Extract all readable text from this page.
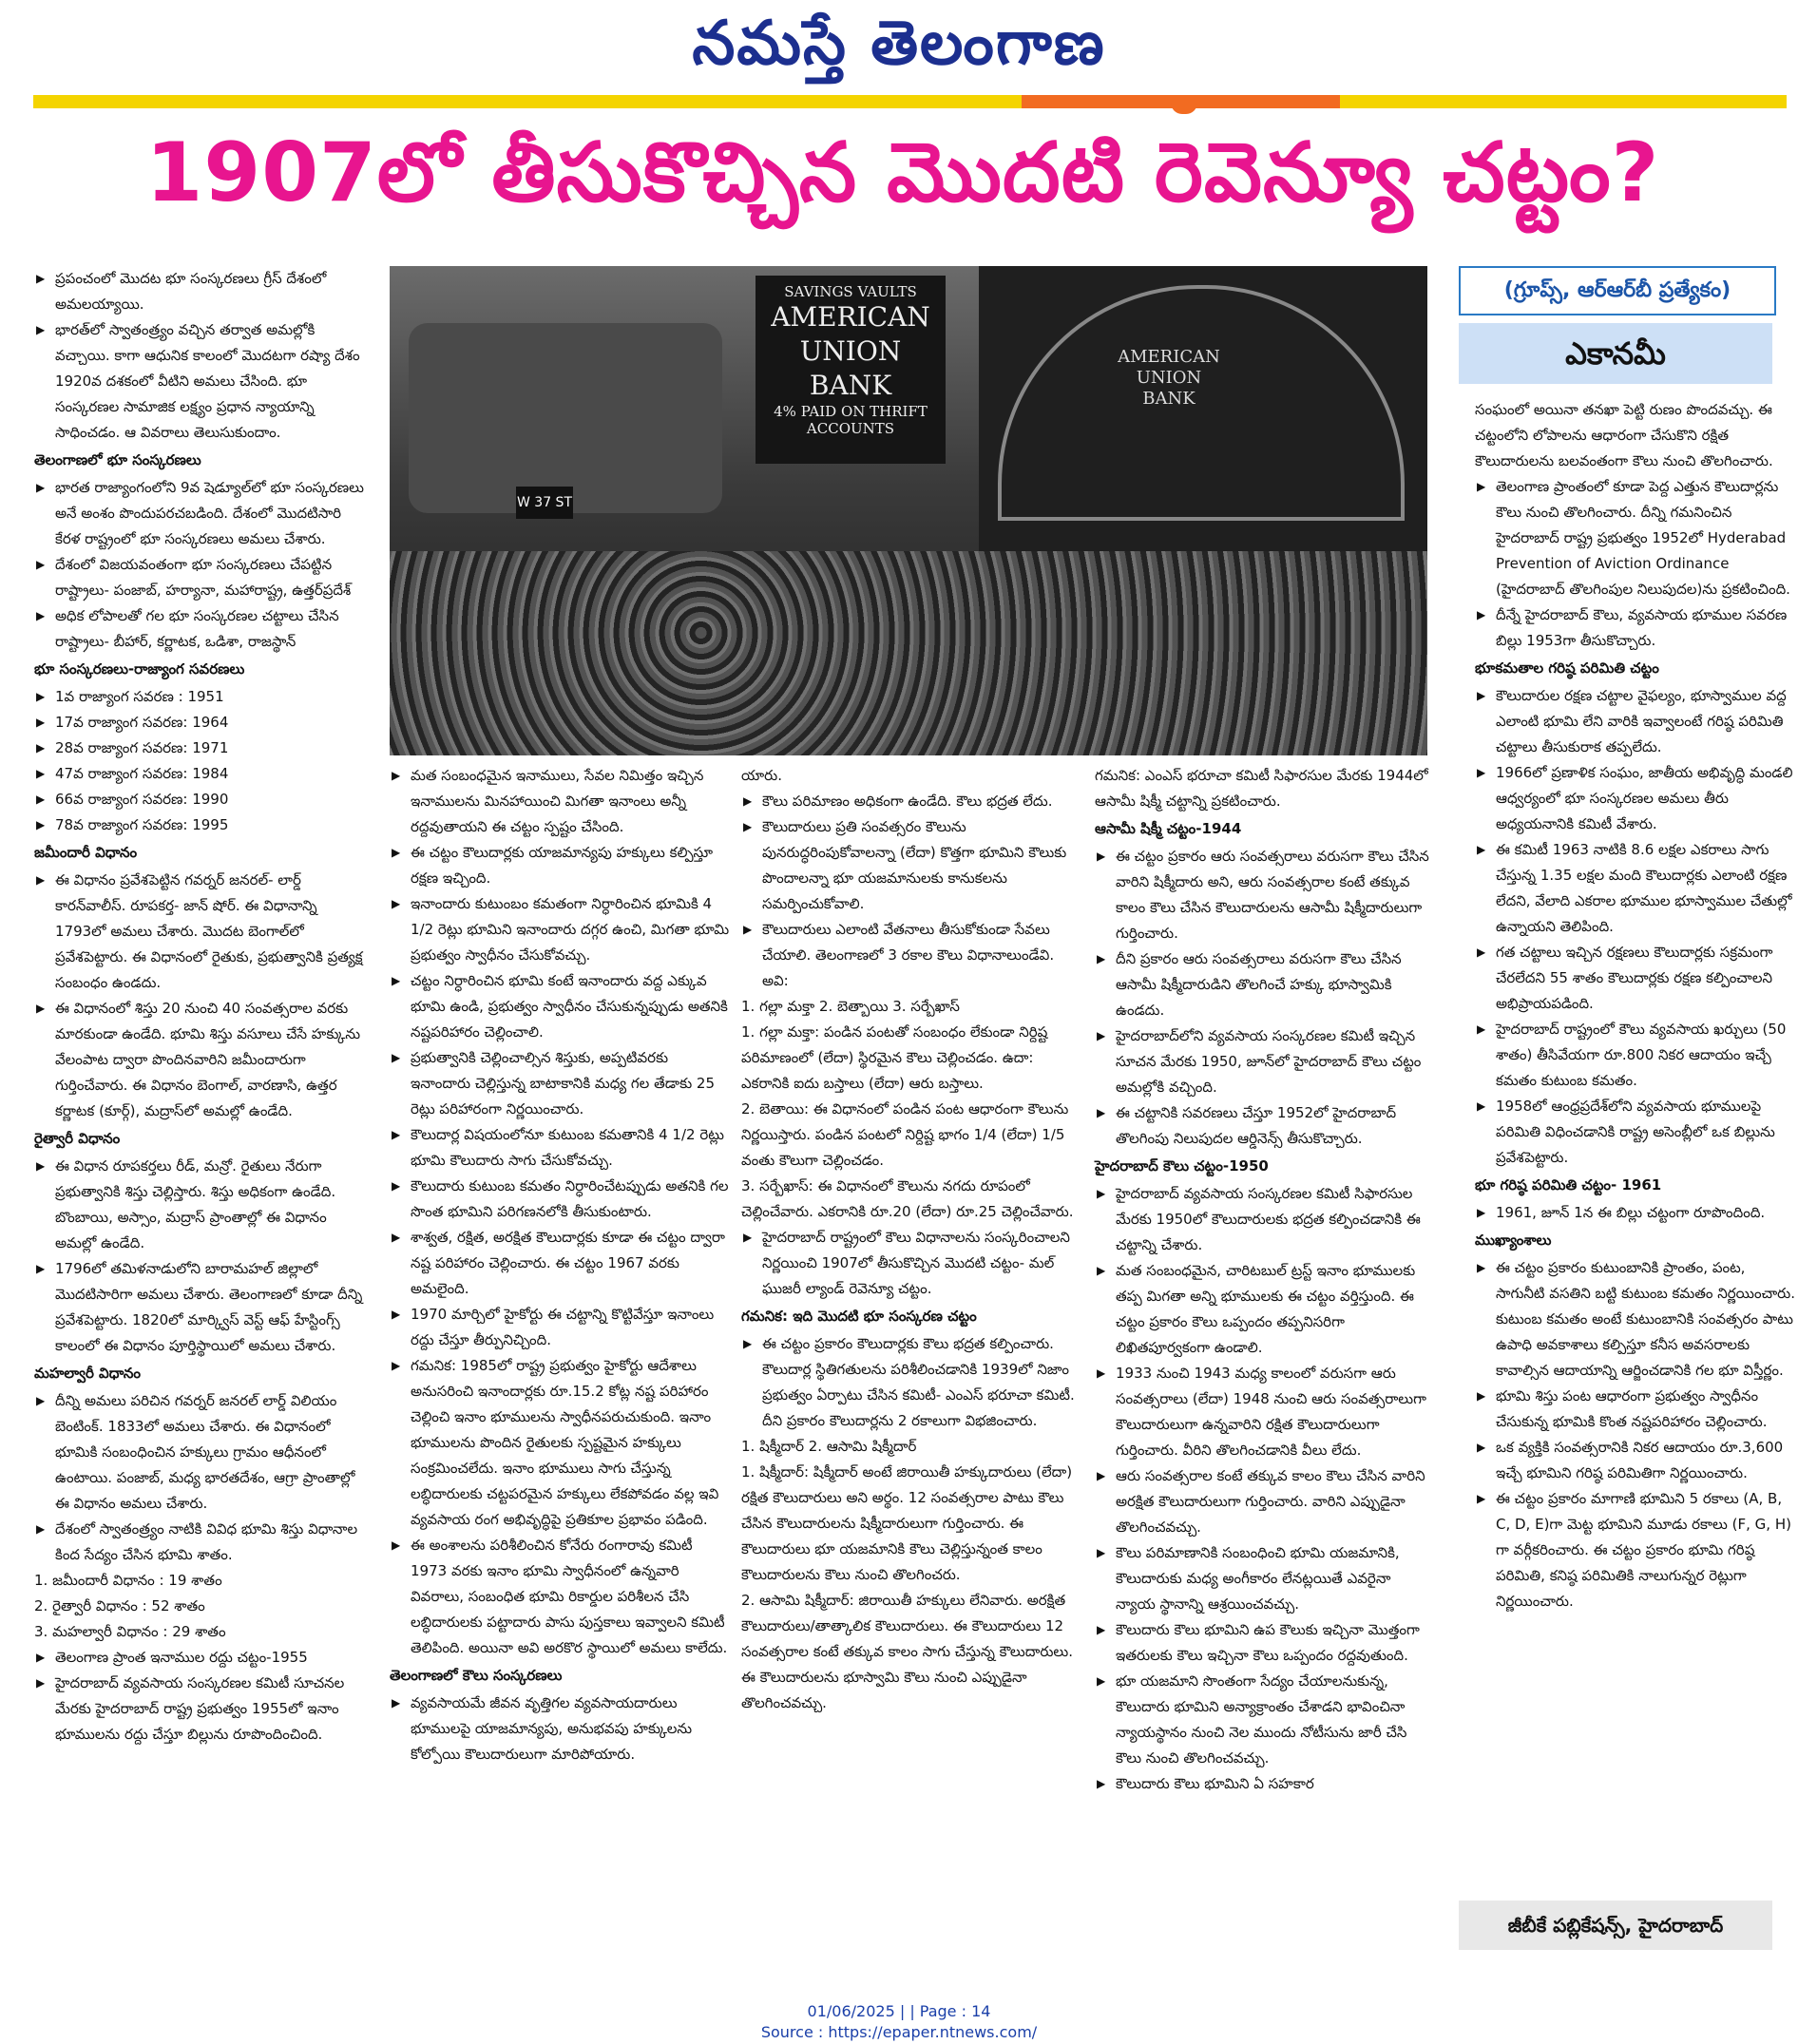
నమస్తే తెలంగాణ
1907లో తీసుకొచ్చిన మొదటి రెవెన్యూ చట్టం?
SAVINGS VAULTS
AMERICAN
UNION
BANK
4% PAID ON THRIFT ACCOUNTS
AMERICAN
UNION
BANK
W 37 ST
(గ్రూప్స్, ఆర్ఆర్‌బీ ప్రత్యేకం)
ఎకానమీ
▶ ప్రపంచంలో మొదట భూ సంస్కరణలు గ్రీస్ దేశంలో అమలయ్యాయి.
▶ భారత్‌లో స్వాతంత్ర్యం వచ్చిన తర్వాత అమల్లోకి వచ్చాయి. కాగా ఆధునిక కాలంలో మొదటగా రష్యా దేశం 1920వ దశకంలో వీటిని అమలు చేసింది. భూ సంస్కరణల సామాజిక లక్ష్యం ప్రధాన న్యాయాన్ని సాధించడం. ఆ వివరాలు తెలుసుకుందాం.
తెలంగాణలో భూ సంస్కరణలు
▶ భారత రాజ్యాంగంలోని 9వ షెడ్యూల్‌లో భూ సంస్కరణలు అనే అంశం పొందుపరచబడింది. దేశంలో మొదటిసారి కేరళ రాష్ట్రంలో భూ సంస్కరణలు అమలు చేశారు.
▶ దేశంలో విజయవంతంగా భూ సంస్కరణలు చేపట్టిన రాష్ట్రాలు- పంజాబ్, హర్యానా, మహారాష్ట్ర, ఉత్తర్‌ప్రదేశ్
▶ అధిక లోపాలతో గల భూ సంస్కరణల చట్టాలు చేసిన రాష్ట్రాలు- బీహార్, కర్ణాటక, ఒడిశా, రాజస్థాన్
భూ సంస్కరణలు-రాజ్యాంగ సవరణలు
▶ 1వ రాజ్యాంగ సవరణ : 1951
▶ 17వ రాజ్యాంగ సవరణ: 1964
▶ 28వ రాజ్యాంగ సవరణ: 1971
▶ 47వ రాజ్యాంగ సవరణ: 1984
▶ 66వ రాజ్యాంగ సవరణ: 1990
▶ 78వ రాజ్యాంగ సవరణ: 1995
జమీందారీ విధానం
▶ ఈ విధానం ప్రవేశపెట్టిన గవర్నర్ జనరల్- లార్డ్ కారన్‌వాలీస్. రూపకర్త- జాన్ షోర్. ఈ విధానాన్ని 1793లో అమలు చేశారు. మొదట బెంగాల్‌లో ప్రవేశపెట్టారు. ఈ విధానంలో రైతుకు, ప్రభుత్వానికి ప్రత్యక్ష సంబంధం ఉండదు.
▶ ఈ విధానంలో శిస్తు 20 నుంచి 40 సంవత్సరాల వరకు మారకుండా ఉండేది. భూమి శిస్తు వసూలు చేసే హక్కును వేలంపాట ద్వారా పొందినవారిని జమీందారుగా గుర్తించేవారు. ఈ విధానం బెంగాల్, వారణాసి, ఉత్తర కర్ణాటక (కూర్గ్), మద్రాస్‌లో అమల్లో ఉండేది.
రైత్వారీ విధానం
▶ ఈ విధాన రూపకర్తలు రీడ్, మన్రో. రైతులు నేరుగా ప్రభుత్వానికి శిస్తు చెల్లిస్తారు. శిస్తు అధికంగా ఉండేది. బొంబాయి, అస్సాం, మద్రాస్ ప్రాంతాల్లో ఈ విధానం అమల్లో ఉండేది.
▶ 1796లో తమిళనాడులోని బారామహల్ జిల్లాలో మొదటిసారిగా అమలు చేశారు. తెలంగాణలో కూడా దీన్ని ప్రవేశపెట్టారు. 1820లో మార్క్విస్ వెస్ట్ ఆఫ్ హేస్టింగ్స్ కాలంలో ఈ విధానం పూర్తిస్థాయిలో అమలు చేశారు.
మహల్వారీ విధానం
▶ దీన్ని అమలు పరిచిన గవర్నర్ జనరల్ లార్డ్ విలియం బెంటింక్. 1833లో అమలు చేశారు. ఈ విధానంలో భూమికి సంబంధించిన హక్కులు గ్రామం ఆధీనంలో ఉంటాయి. పంజాబ్, మధ్య భారతదేశం, ఆగ్రా ప్రాంతాల్లో ఈ విధానం అమలు చేశారు.
▶ దేశంలో స్వాతంత్ర్యం నాటికి వివిధ భూమి శిస్తు విధానాల కింద సేద్యం చేసిన భూమి శాతం.
1. జమీందారీ విధానం : 19 శాతం
2. రైత్వారీ విధానం : 52 శాతం
3. మహల్వారీ విధానం : 29 శాతం
▶ తెలంగాణ ప్రాంత ఇనాముల రద్దు చట్టం-1955
▶ హైదరాబాద్ వ్యవసాయ సంస్కరణల కమిటీ సూచనల మేరకు హైదరాబాద్ రాష్ట్ర ప్రభుత్వం 1955లో ఇనాం భూములను రద్దు చేస్తూ బిల్లును రూపొందించింది.
▶ మత సంబంధమైన ఇనాములు, సేవల నిమిత్తం ఇచ్చిన ఇనాములను మినహాయించి మిగతా ఇనాంలు అన్నీ రద్దవుతాయని ఈ చట్టం స్పష్టం చేసింది.
▶ ఈ చట్టం కౌలుదార్లకు యాజమాన్యపు హక్కులు కల్పిస్తూ రక్షణ ఇచ్చింది.
▶ ఇనాందారు కుటుంబం కమతంగా నిర్ధారించిన భూమికి 4 1/2 రెట్లు భూమిని ఇనాందారు దగ్గర ఉంచి, మిగతా భూమి ప్రభుత్వం స్వాధీనం చేసుకోవచ్చు.
▶ చట్టం నిర్ధారించిన భూమి కంటే ఇనాందారు వద్ద ఎక్కువ భూమి ఉండి, ప్రభుత్వం స్వాధీనం చేసుకున్నప్పుడు అతనికి నష్టపరిహారం చెల్లించాలి.
▶ ప్రభుత్వానికి చెల్లించాల్సిన శిస్తుకు, అప్పటివరకు ఇనాందారు చెల్లిస్తున్న బాటాకానికి మధ్య గల తేడాకు 25 రెట్లు పరిహారంగా నిర్ణయించారు.
▶ కౌలుదార్ల విషయంలోనూ కుటుంబ కమతానికి 4 1/2 రెట్లు భూమి కౌలుదారు సాగు చేసుకోవచ్చు.
▶ కౌలుదారు కుటుంబ కమతం నిర్ధారించేటప్పుడు అతనికి గల సొంత భూమిని పరిగణనలోకి తీసుకుంటారు.
▶ శాశ్వత, రక్షిత, అరక్షిత కౌలుదార్లకు కూడా ఈ చట్టం ద్వారా నష్ట పరిహారం చెల్లించారు. ఈ చట్టం 1967 వరకు అమలైంది.
▶ 1970 మార్చిలో హైకోర్టు ఈ చట్టాన్ని కొట్టివేస్తూ ఇనాంలు రద్దు చేస్తూ తీర్పునిచ్చింది.
▶ గమనిక: 1985లో రాష్ట్ర ప్రభుత్వం హైకోర్టు ఆదేశాలు అనుసరించి ఇనాందార్లకు రూ.15.2 కోట్ల నష్ట పరిహారం చెల్లించి ఇనాం భూములను స్వాధీనపరుచుకుంది. ఇనాం భూములను పొందిన రైతులకు స్పష్టమైన హక్కులు సంక్రమించలేదు. ఇనాం భూములు సాగు చేస్తున్న లబ్ధిదారులకు చట్టపరమైన హక్కులు లేకపోవడం వల్ల ఇవి వ్యవసాయ రంగ అభివృద్ధిపై ప్రతికూల ప్రభావం పడింది.
▶ ఈ అంశాలను పరిశీలించిన కోనేరు రంగారావు కమిటీ 1973 వరకు ఇనాం భూమి స్వాధీనంలో ఉన్నవారి వివరాలు, సంబంధిత భూమి రికార్డుల పరిశీలన చేసి లబ్ధిదారులకు పట్టాదారు పాసు పుస్తకాలు ఇవ్వాలని కమిటీ తెలిపింది. అయినా అవి అరకొర స్థాయిలో అమలు కాలేదు.
తెలంగాణలో కౌలు సంస్కరణలు
▶ వ్యవసాయమే జీవన వృత్తిగల వ్యవసాయదారులు భూములపై యాజమాన్యపు, అనుభవపు హక్కులను కోల్పోయి కౌలుదారులుగా మారిపోయారు.
యారు.
▶ కౌలు పరిమాణం అధికంగా ఉండేది. కౌలు భద్రత లేదు.
▶ కౌలుదారులు ప్రతి సంవత్సరం కౌలును పునరుద్ధరింపుకోవాలన్నా (లేదా) కొత్తగా భూమిని కౌలుకు పొందాలన్నా భూ యజమానులకు కానుకలను సమర్పించుకోవాలి.
▶ కౌలుదారులు ఎలాంటి వేతనాలు తీసుకోకుండా సేవలు చేయాలి. తెలంగాణలో 3 రకాల కౌలు విధానాలుండేవి. అవి:
1. గల్లా మక్తా 2. బెత్బాయి 3. సర్బేఖాస్
1. గల్లా మక్తా: పండిన పంటతో సంబంధం లేకుండా నిర్దిష్ట పరిమాణంలో (లేదా) స్థిరమైన కౌలు చెల్లించడం. ఉదా: ఎకరానికి ఐదు బస్తాలు (లేదా) ఆరు బస్తాలు.
2. బెతాయి: ఈ విధానంలో పండిన పంట ఆధారంగా కౌలును నిర్ణయిస్తారు. పండిన పంటలో నిర్దిష్ట భాగం 1/4 (లేదా) 1/5 వంతు కౌలుగా చెల్లించడం.
3. సర్బేఖాస్: ఈ విధానంలో కౌలును నగదు రూపంలో చెల్లించేవారు. ఎకరానికి రూ.20 (లేదా) రూ.25 చెల్లించేవారు.
▶ హైదరాబాద్ రాష్ట్రంలో కౌలు విధానాలను సంస్కరించాలని నిర్ణయించి 1907లో తీసుకొచ్చిన మొదటి చట్టం- మల్ ఘుజరీ ల్యాండ్ రెవెన్యూ చట్టం.
గమనిక: ఇది మొదటి భూ సంస్కరణ చట్టం
▶ ఈ చట్టం ప్రకారం కౌలుదార్లకు కౌలు భద్రత కల్పించారు. కౌలుదార్ల స్థితిగతులను పరిశీలించడానికి 1939లో నిజాం ప్రభుత్వం ఏర్పాటు చేసిన కమిటీ- ఎంఎస్ భరూచా కమిటీ. దీని ప్రకారం కౌలుదార్లను 2 రకాలుగా విభజించారు.
1. షిక్మీదార్ 2. ఆసామి షిక్మీదార్
1. షిక్మీదార్: షిక్మీదార్ అంటే జిరాయితీ హక్కుదారులు (లేదా) రక్షిత కౌలుదారులు అని అర్థం. 12 సంవత్సరాల పాటు కౌలు చేసిన కౌలుదారులను షిక్మీదారులుగా గుర్తించారు. ఈ కౌలుదారులు భూ యజమానికి కౌలు చెల్లిస్తున్నంత కాలం కౌలుదారులను కౌలు నుంచి తొలగించరు.
2. ఆసామి షిక్మీదార్: జిరాయితీ హక్కులు లేనివారు. అరక్షిత కౌలుదారులు/తాత్కాలిక కౌలుదారులు. ఈ కౌలుదారులు 12 సంవత్సరాల కంటే తక్కువ కాలం సాగు చేస్తున్న కౌలుదారులు. ఈ కౌలుదారులను భూస్వామి కౌలు నుంచి ఎప్పుడైనా తొలగించవచ్చు.
గమనిక: ఎంఎస్ భరూచా కమిటీ సిఫారసుల మేరకు 1944లో ఆసామీ షిక్మీ చట్టాన్ని ప్రకటించారు.
ఆసామీ షిక్మీ చట్టం-1944
▶ ఈ చట్టం ప్రకారం ఆరు సంవత్సరాలు వరుసగా కౌలు చేసిన వారిని షిక్మీదారు అని, ఆరు సంవత్సరాల కంటే తక్కువ కాలం కౌలు చేసిన కౌలుదారులను ఆసామీ షిక్మీదారులుగా గుర్తించారు.
▶ దీని ప్రకారం ఆరు సంవత్సరాలు వరుసగా కౌలు చేసిన ఆసామీ షిక్మీదారుడిని తొలగించే హక్కు భూస్వామికి ఉండదు.
▶ హైదరాబాద్‌లోని వ్యవసాయ సంస్కరణల కమిటీ ఇచ్చిన సూచన మేరకు 1950, జూన్‌లో హైదరాబాద్ కౌలు చట్టం అమల్లోకి వచ్చింది.
▶ ఈ చట్టానికి సవరణలు చేస్తూ 1952లో హైదరాబాద్ తొలగింపు నిలుపుదల ఆర్డినెన్స్ తీసుకొచ్చారు.
హైదరాబాద్ కౌలు చట్టం-1950
▶ హైదరాబాద్ వ్యవసాయ సంస్కరణల కమిటీ సిఫారసుల మేరకు 1950లో కౌలుదారులకు భద్రత కల్పించడానికి ఈ చట్టాన్ని చేశారు.
▶ మత సంబంధమైన, చారిటబుల్ ట్రస్ట్ ఇనాం భూములకు తప్ప మిగతా అన్ని భూములకు ఈ చట్టం వర్తిస్తుంది. ఈ చట్టం ప్రకారం కౌలు ఒప్పందం తప్పనిసరిగా లిఖితపూర్వకంగా ఉండాలి.
▶ 1933 నుంచి 1943 మధ్య కాలంలో వరుసగా ఆరు సంవత్సరాలు (లేదా) 1948 నుంచి ఆరు సంవత్సరాలుగా కౌలుదారులుగా ఉన్నవారిని రక్షిత కౌలుదారులుగా గుర్తించారు. వీరిని తొలగించడానికి వీలు లేదు.
▶ ఆరు సంవత్సరాల కంటే తక్కువ కాలం కౌలు చేసిన వారిని అరక్షిత కౌలుదారులుగా గుర్తించారు. వారిని ఎప్పుడైనా తొలగించవచ్చు.
▶ కౌలు పరిమాణానికి సంబంధించి భూమి యజమానికి, కౌలుదారుకు మధ్య అంగీకారం లేనట్లయితే ఎవరైనా న్యాయ స్థానాన్ని ఆశ్రయించవచ్చు.
▶ కౌలుదారు కౌలు భూమిని ఉప కౌలుకు ఇచ్చినా మొత్తంగా ఇతరులకు కౌలు ఇచ్చినా కౌలు ఒప్పందం రద్దవుతుంది.
▶ భూ యజమాని సొంతంగా సేద్యం చేయాలనుకున్న, కౌలుదారు భూమిని అన్యాక్రాంతం చేశాడని భావించినా న్యాయస్థానం నుంచి నెల ముందు నోటీసును జారీ చేసి కౌలు నుంచి తొలగించవచ్చు.
▶ కౌలుదారు కౌలు భూమిని ఏ సహకార
సంఘంలో అయినా తనఖా పెట్టి రుణం పొందవచ్చు. ఈ చట్టంలోని లోపాలను ఆధారంగా చేసుకొని రక్షిత కౌలుదారులను బలవంతంగా కౌలు నుంచి తొలగించారు.
▶ తెలంగాణ ప్రాంతంలో కూడా పెద్ద ఎత్తున కౌలుదార్లను కౌలు నుంచి తొలగించారు. దీన్ని గమనించిన హైదరాబాద్ రాష్ట్ర ప్రభుత్వం 1952లో Hyderabad Prevention of Aviction Ordinance (హైదరాబాద్ తొలగింపుల నిలుపుదల)ను ప్రకటించింది.
▶ దీన్నే హైదరాబాద్ కౌలు, వ్యవసాయ భూముల సవరణ బిల్లు 1953గా తీసుకొచ్చారు.
భూకమతాల గరిష్ఠ పరిమితి చట్టం
▶ కౌలుదారుల రక్షణ చట్టాల వైఫల్యం, భూస్వాముల వద్ద ఎలాంటి భూమి లేని వారికి ఇవ్వాలంటే గరిష్ఠ పరిమితి చట్టాలు తీసుకురాక తప్పలేదు.
▶ 1966లో ప్రణాళిక సంఘం, జాతీయ అభివృద్ధి మండలి ఆధ్వర్యంలో భూ సంస్కరణల అమలు తీరు అధ్యయనానికి కమిటీ వేశారు.
▶ ఈ కమిటీ 1963 నాటికి 8.6 లక్షల ఎకరాలు సాగు చేస్తున్న 1.35 లక్షల మంది కౌలుదార్లకు ఎలాంటి రక్షణ లేదని, వేలాది ఎకరాల భూముల భూస్వాముల చేతుల్లో ఉన్నాయని తెలిపింది.
▶ గత చట్టాలు ఇచ్చిన రక్షణలు కౌలుదార్లకు సక్రమంగా చేరలేదని 55 శాతం కౌలుదార్లకు రక్షణ కల్పించాలని అభిప్రాయపడింది.
▶ హైదరాబాద్ రాష్ట్రంలో కౌలు వ్యవసాయ ఖర్చులు (50 శాతం) తీసివేయగా రూ.800 నికర ఆదాయం ఇచ్చే కమతం కుటుంబ కమతం.
▶ 1958లో ఆంధ్రప్రదేశ్‌లోని వ్యవసాయ భూములపై పరిమితి విధించడానికి రాష్ట్ర అసెంబ్లీలో ఒక బిల్లును ప్రవేశపెట్టారు.
భూ గరిష్ఠ పరిమితి చట్టం- 1961
▶ 1961, జూన్ 1న ఈ బిల్లు చట్టంగా రూపొందింది.
ముఖ్యాంశాలు
▶ ఈ చట్టం ప్రకారం కుటుంబానికి ప్రాంతం, పంట, సాగునీటి వసతిని బట్టి కుటుంబ కమతం నిర్ణయించారు. కుటుంబ కమతం అంటే కుటుంబానికి సంవత్సరం పాటు ఉపాధి అవకాశాలు కల్పిస్తూ కనీస అవసరాలకు కావాల్సిన ఆదాయాన్ని ఆర్జించడానికి గల భూ విస్తీర్ణం.
▶ భూమి శిస్తు పంట ఆధారంగా ప్రభుత్వం స్వాధీనం చేసుకున్న భూమికి కొంత నష్టపరిహారం చెల్లించారు.
▶ ఒక వ్యక్తికి సంవత్సరానికి నికర ఆదాయం రూ.3,600 ఇచ్చే భూమిని గరిష్ఠ పరిమితిగా నిర్ణయించారు.
▶ ఈ చట్టం ప్రకారం మాగాణి భూమిని 5 రకాలు (A, B, C, D, E)గా మెట్ట భూమిని మూడు రకాలు (F, G, H) గా వర్గీకరించారు. ఈ చట్టం ప్రకారం భూమి గరిష్ఠ పరిమితి, కనిష్ఠ పరిమితికి నాలుగున్నర రెట్లుగా నిర్ణయించారు.
జీబీకే పబ్లికేషన్స్, హైదరాబాద్
01/06/2025 | | Page : 14
Source : https://epaper.ntnews.com/
